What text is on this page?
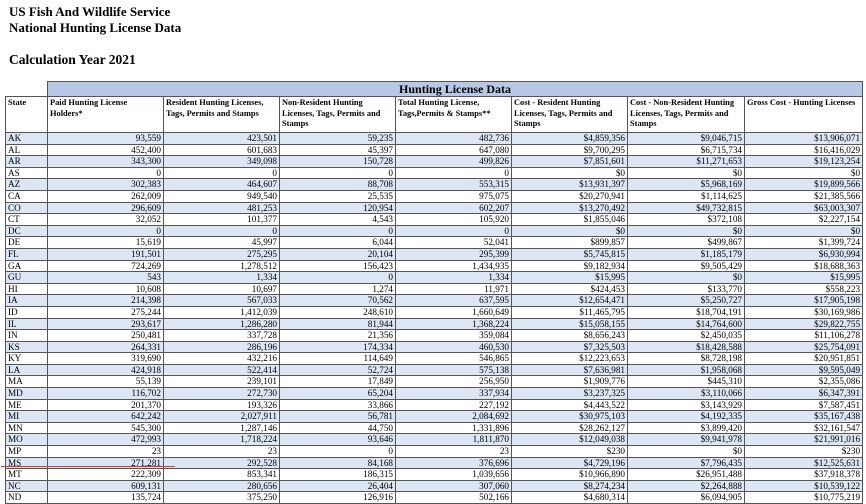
US Fish And Wildlife Service
National Hunting License Data
Calculation Year 2021
	Hunting License Data						
State	Paid Hunting License Holders*	Resident Hunting Licenses, Tags, Permits and Stamps	Non-Resident Hunting Licenses, Tags, Permits and Stamps	Total Hunting License, Tags,Permits & Stamps**	Cost - Resident Hunting Licenses, Tags, Permits and Stamps	Cost - Non-Resident Hunting Licenses, Tags, Permits and Stamps	Gross Cost - Hunting Licenses
AK	93,559	423,501	59,235	482,736	$4,859,356	$9,046,715	$13,906,071
AL	452,400	601,683	45,397	647,080	$9,700,295	$6,715,734	$16,416,029
AR	343,300	349,098	150,728	499,826	$7,851,601	$11,271,653	$19,123,254
AS	0	0	0	0	$0	$0	$0
AZ	302,383	464,607	88,708	553,315	$13,931,397	$5,968,169	$19,899,566
CA	262,009	949,540	25,535	975,075	$20,270,941	$1,114,625	$21,385,566
CO	296,609	481,253	120,954	602,207	$13,270,492	$49,732,815	$63,003,307
CT	32,052	101,377	4,543	105,920	$1,855,046	$372,108	$2,227,154
DC	0	0	0	0	$0	$0	$0
DE	15,619	45,997	6,044	52,041	$899,857	$499,867	$1,399,724
FL	191,501	275,295	20,104	295,399	$5,745,815	$1,185,179	$6,930,994
GA	724,269	1,278,512	156,423	1,434,935	$9,182,934	$9,505,429	$18,688,363
GU	543	1,334	0	1,334	$15,995	$0	$15,995
HI	10,608	10,697	1,274	11,971	$424,453	$133,770	$558,223
IA	214,398	567,033	70,562	637,595	$12,654,471	$5,250,727	$17,905,198
ID	275,244	1,412,039	248,610	1,660,649	$11,465,795	$18,704,191	$30,169,986
IL	293,617	1,286,280	81,944	1,368,224	$15,058,155	$14,764,600	$29,822,755
IN	250,481	337,728	21,356	359,084	$8,656,243	$2,450,035	$11,106,278
KS	264,331	286,196	174,334	460,530	$7,325,503	$18,428,588	$25,754,091
KY	319,690	432,216	114,649	546,865	$12,223,653	$8,728,198	$20,951,851
LA	424,918	522,414	52,724	575,138	$7,636,981	$1,958,068	$9,595,049
MA	55,139	239,101	17,849	256,950	$1,909,776	$445,310	$2,355,086
MD	116,702	272,730	65,204	337,934	$3,237,325	$3,110,066	$6,347,391
ME	201,370	193,326	33,866	227,192	$4,443,522	$3,143,929	$7,587,451
MI	642,242	2,027,911	56,781	2,084,692	$30,975,103	$4,192,335	$35,167,438
MN	545,300	1,287,146	44,750	1,331,896	$28,262,127	$3,899,420	$32,161,547
MO	472,993	1,718,224	93,646	1,811,870	$12,049,038	$9,941,978	$21,991,016
MP	23	23	0	23	$230	$0	$230
MS	271,281	292,528	84,168	376,696	$4,729,196	$7,796,435	$12,525,631
MT	222,309	853,341	186,315	1,039,656	$10,966,890	$26,951,488	$37,918,378
NC	609,131	280,656	26,404	307,060	$8,274,234	$2,264,888	$10,539,122
ND	135,724	375,250	126,916	502,166	$4,680,314	$6,094,905	$10,775,219
